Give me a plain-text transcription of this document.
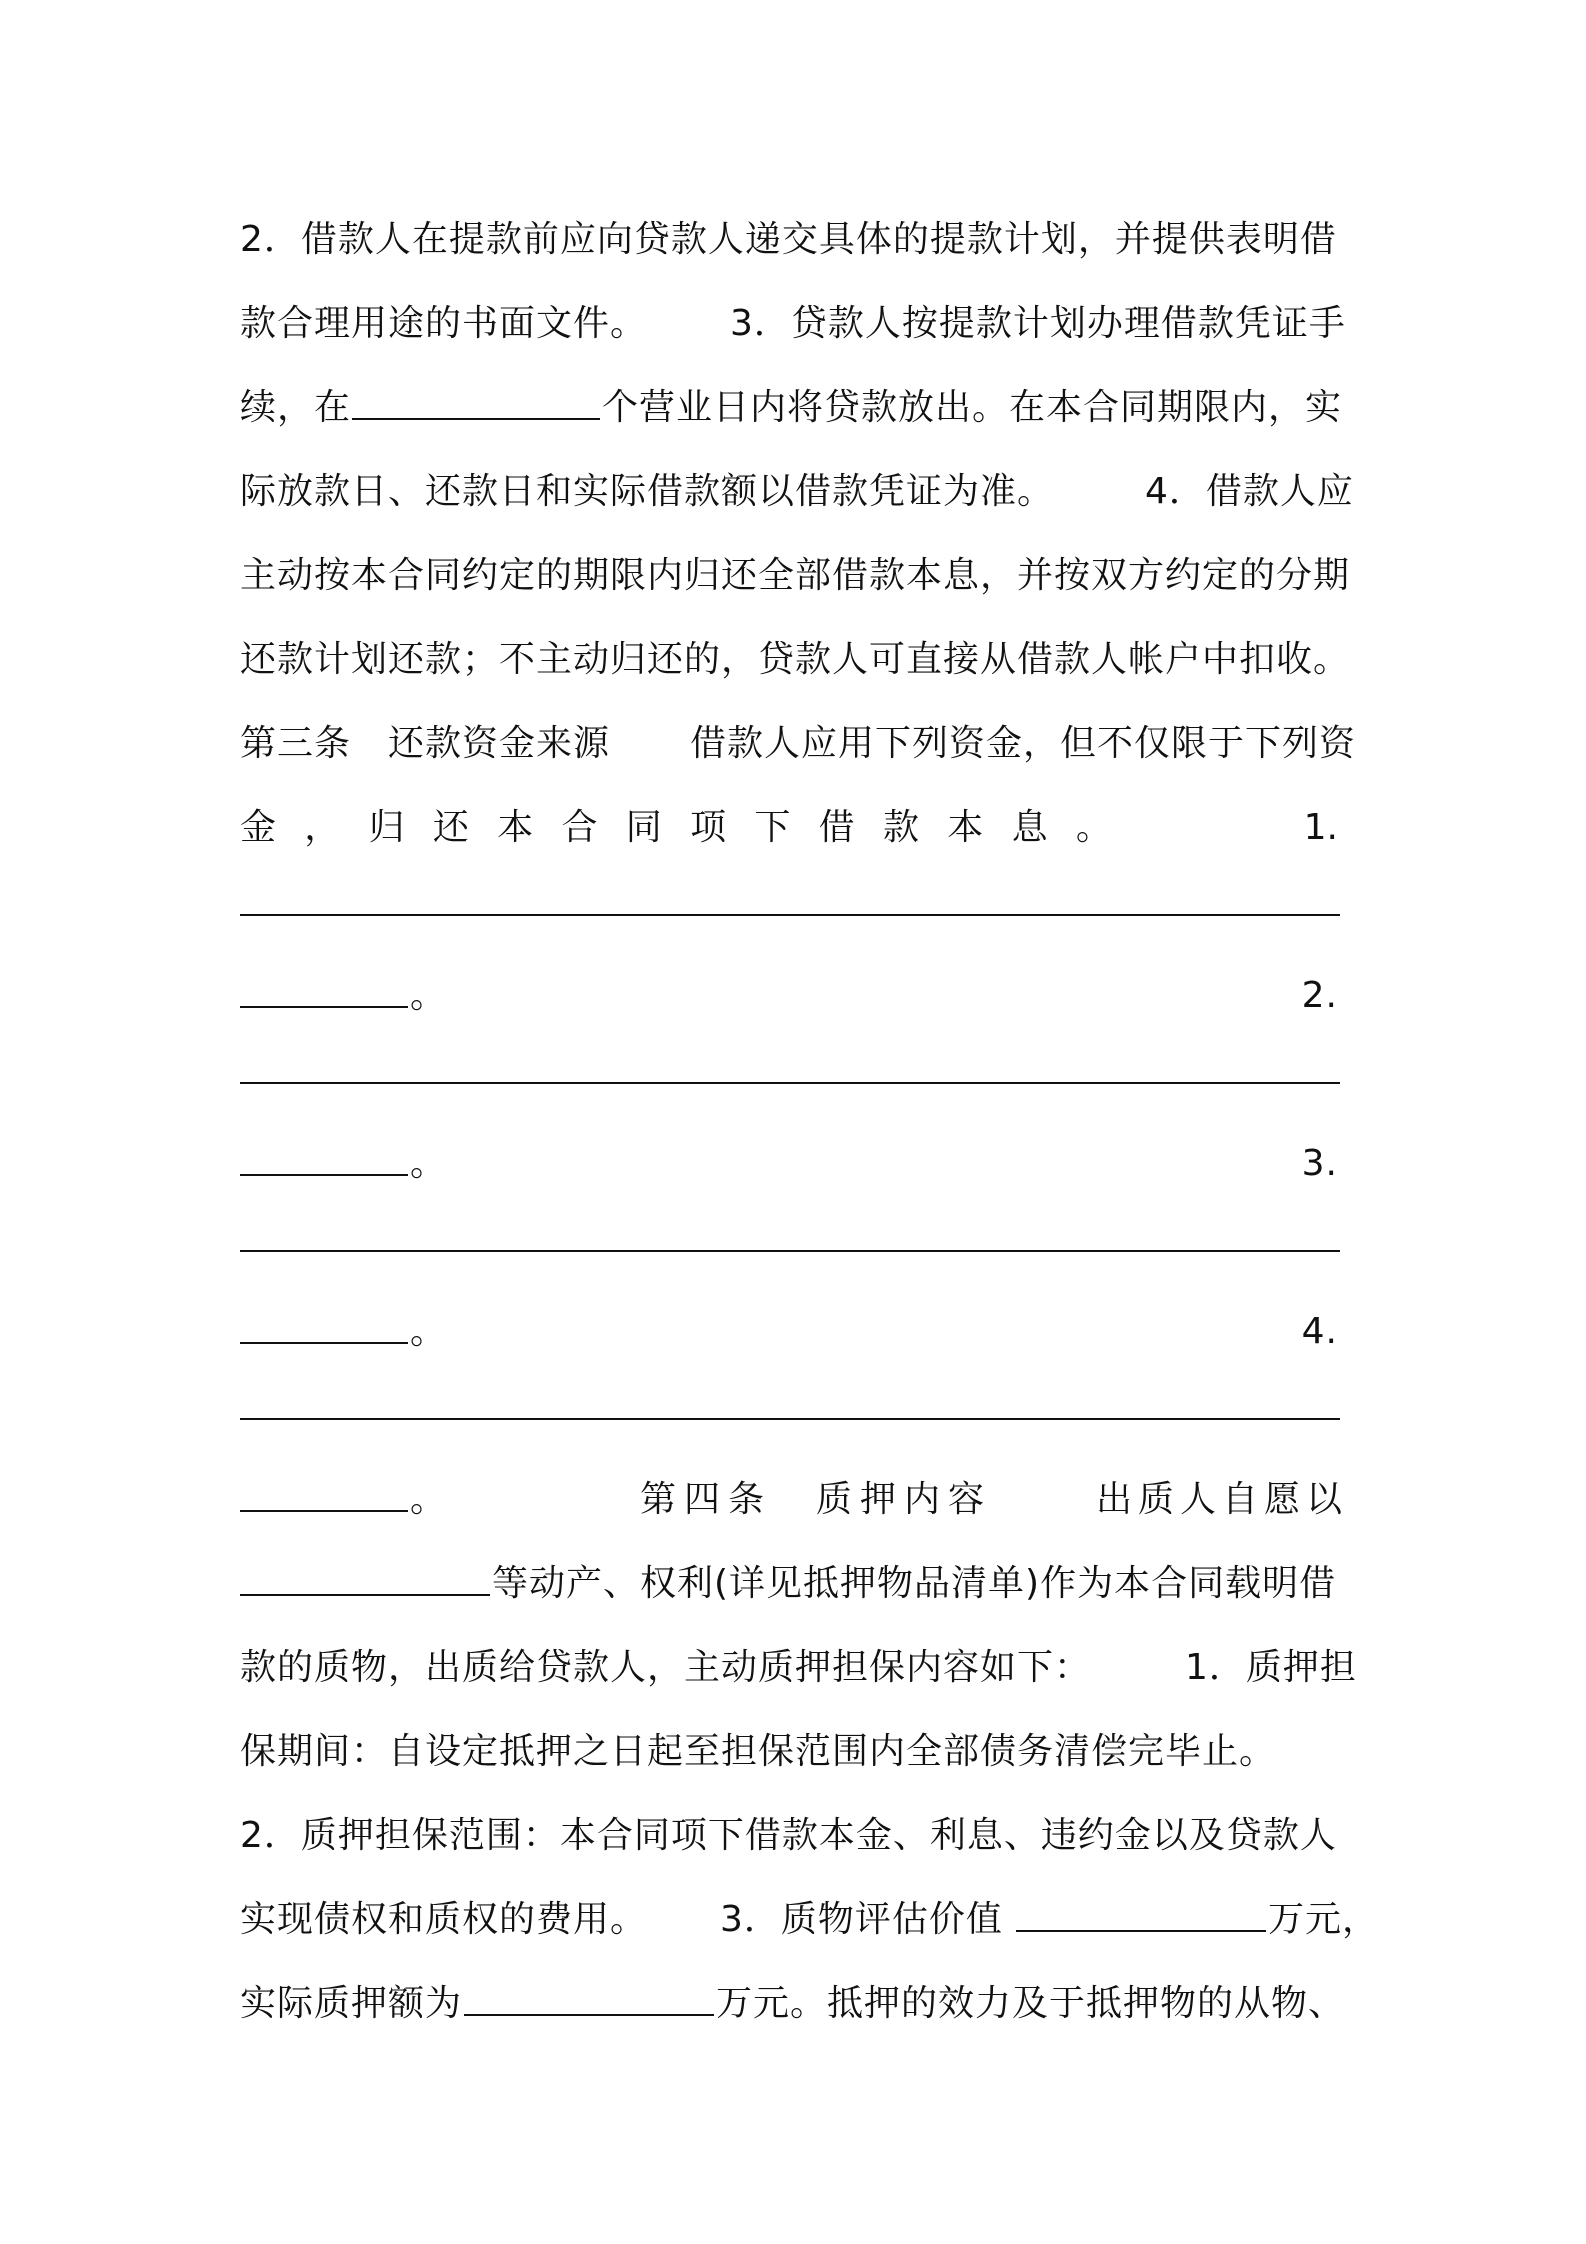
2．借款人在提款前应向贷款人递交具体的提款计划，并提供表明借
款合理用途的书面文件。 3．贷款人按提款计划办理借款凭证手
续，在	个营业日内将贷款放出。在本合同期限内，实
际放款日、还款日和实际借款额以借款凭证为准。	4．借款人应
主动按本合同约定的期限内归还全部借款本息，并按双方约定的分期
还款计划还款；不主动归还的，贷款人可直接从借款人帐户中扣收。
第三条　还款资金来源 借款人应用下列资金，但不仅限于下列资
金 ， 归 还 本 合 同 项 下 借 款 本 息 。	1.
。	2.
。	3.
。	4.
。	第四条　质押内容	出质人自愿以
等动产、权利(详见抵押物品清单)作为本合同载明借
款的质物，出质给贷款人，主动质押担保内容如下：	1．质押担
保期间：自设定抵押之日起至担保范围内全部债务清偿完毕止。
2．质押担保范围：本合同项下借款本金、利息、违约金以及贷款人
实现债权和质权的费用。 3．质物评估价值	万元，
实际质押额为	万元。抵押的效力及于抵押物的从物、
